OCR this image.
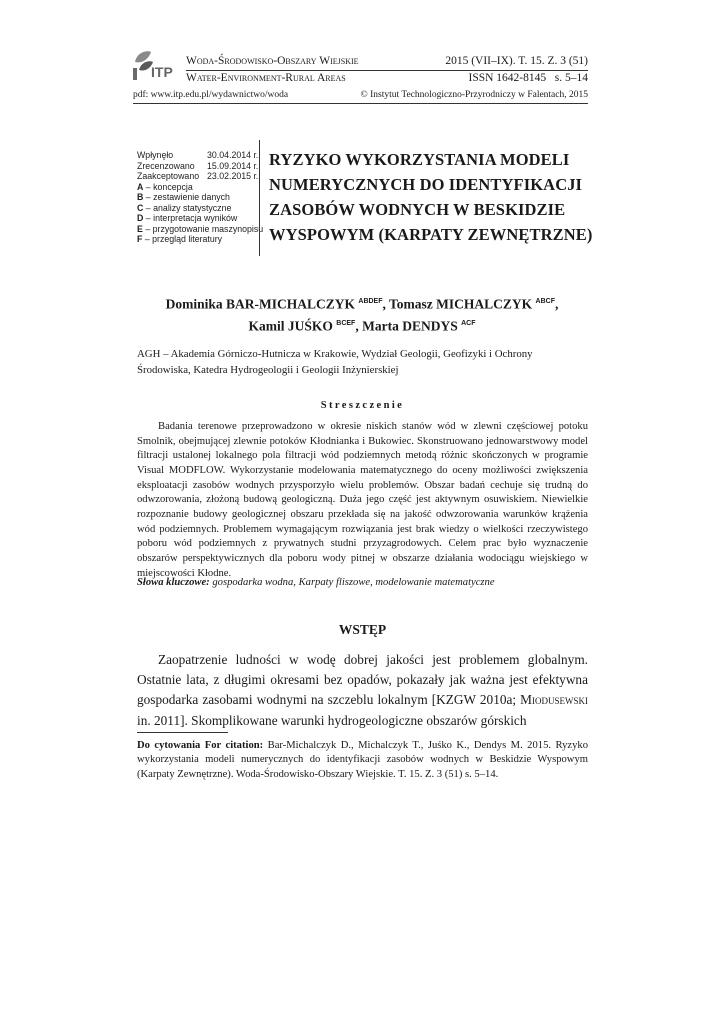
ITP
Woda-Środowisko-Obszary Wiejskie	2015 (VII–IX). T. 15. Z. 3 (51)
Water-Environment-Rural Areas	ISSN 1642-8145 s. 5–14
pdf: www.itp.edu.pl/wydawnictwo/woda	© Instytut Technologiczno-Przyrodniczy w Falentach, 2015
Wpłynęło	30.04.2014 r.
Zrecenzowano 15.09.2014 r.
Zaakceptowano 23.02.2015 r.
A – koncepcja
B – zestawienie danych
C – analizy statystyczne
D – interpretacja wyników
E – przygotowanie maszynopisu
F – przegląd literatury
RYZYKO WYKORZYSTANIA MODELI
NUMERYCZNYCH DO IDENTYFIKACJI
ZASOBÓW WODNYCH W BESKIDZIE
WYSPOWYM (KARPATY ZEWNĘTRZNE)
Dominika BAR-MICHALCZYK $^{ABDEF}$, Tomasz MICHALCZYK $^{ABCF}$,
Kamil JUŚKO $^{BCEF}$, Marta DENDYS $^{ACF}$
AGH – Akademia Górniczo-Hutnicza w Krakowie, Wydział Geologii, Geofizyki i Ochrony
Środowiska, Katedra Hydrogeologii i Geologii Inżynierskiej
Streszczenie

Badania terenowe przeprowadzono w okresie niskich stanów wód w zlewni częściowej potoku Smolnik, obejmującej zlewnie potoków Kłodnianka i Bukowiec. Skonstruowano jednowarstwowy model filtracji ustalonej lokalnego pola filtracji wód podziemnych metodą różnic skończonych w programie Visual MODFLOW. Wykorzystanie modelowania matematycznego do oceny możliwości zwiększenia eksploatacji zasobów wodnych przysporzyło wielu problemów. Obszar badań cechuje się trudną do odwzorowania, złożoną budową geologiczną. Duża jego część jest aktywnym osuwiskiem. Niewielkie rozpoznanie budowy geologicznej obszaru przekłada się na jakość odwzorowania warunków krążenia wód podziemnych. Problemem wymagającym rozwiązania jest brak wiedzy o wielkości rzeczywistego poboru wód podziemnych z prywatnych studni przyzagrodowych. Celem prac było wyznaczenie obszarów perspektywicznych dla poboru wody pitnej w obszarze działania wodociągu wiejskiego w miejscowości Kłodne.

Słowa kluczowe: gospodarka wodna, Karpaty fliszowe, modelowanie matematyczne
WSTĘP

Zaopatrzenie ludności w wodę dobrej jakości jest problemem globalnym. Ostatnie lata, z długimi okresami bez opadów, pokazały jak ważna jest efektywna gospodarka zasobami wodnymi na szczeblu lokalnym [KZGW 2010a; Miodusewski in. 2011]. Skomplikowane warunki hydrogeologiczne obszarów górskich

Do cytowania For citation: Bar-Michalczyk D., Michalczyk T., Juśko K., Dendys M. 2015. Ryzyko wykorzystania modeli numerycznych do identyfikacji zasobów wodnych w Beskidzie Wyspowym (Karpaty Zewnętrzne). Woda-Środowisko-Obszary Wiejskie. T. 15. Z. 3 (51) s. 5–14.
